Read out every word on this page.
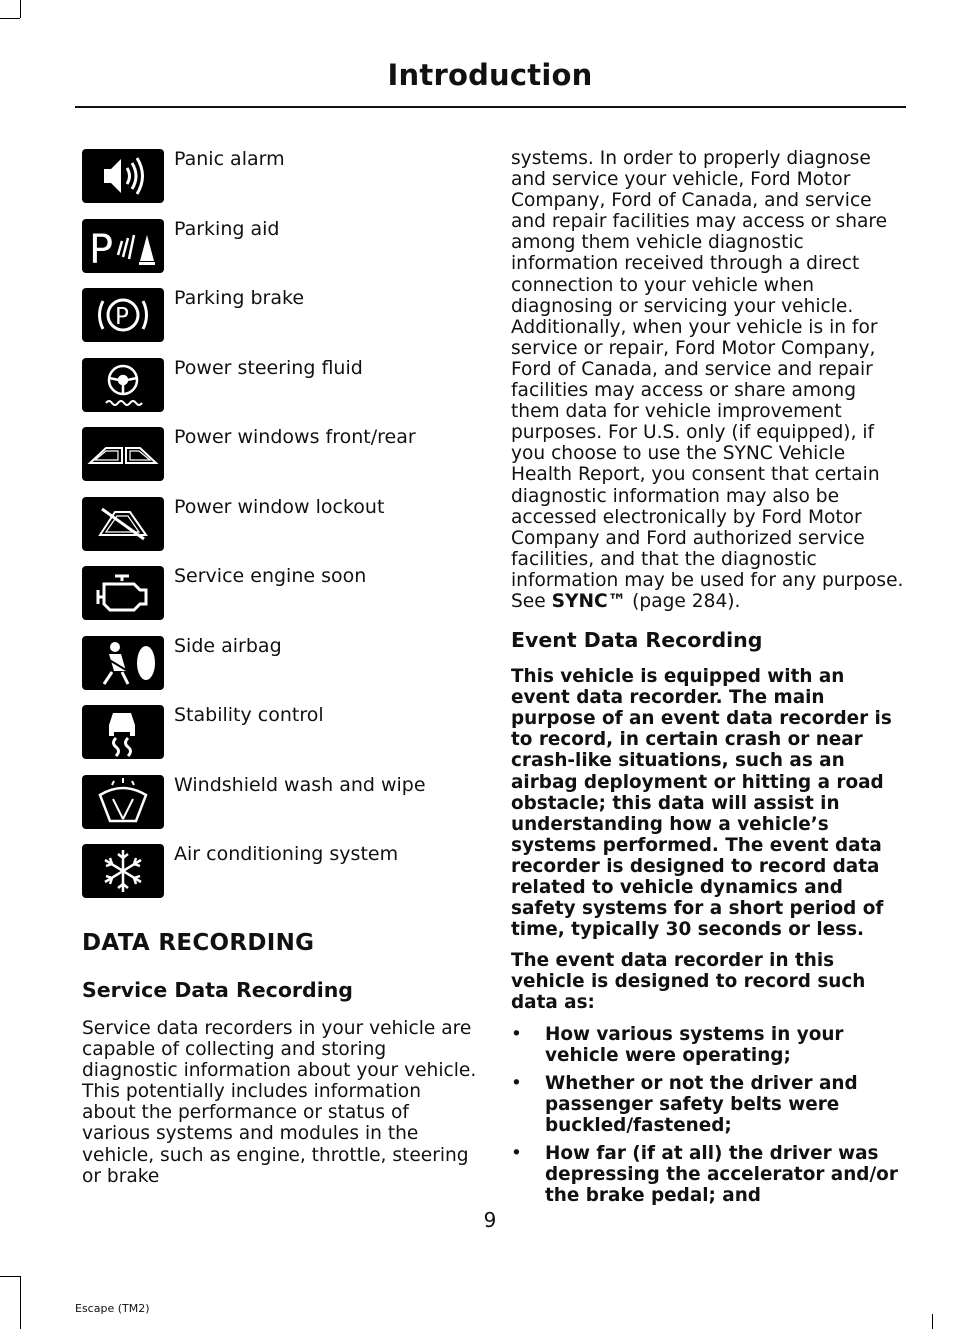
Introduction
Panic alarm
P	Parking aid
P
Parking brake
Power steering fluid
Power windows front/rear
Power window lockout
Service engine soon
Side airbag
Stability control
Windshield wash and wipe
Air conditioning system
DATA RECORDING
Service Data Recording

Service data recorders in your vehicle are capable of collecting and storing diagnostic information about your vehicle. This potentially includes information about the performance or status of various systems and modules in the vehicle, such as engine, throttle, steering or brake

systems. In order to properly diagnose and service your vehicle, Ford Motor Company, Ford of Canada, and service and repair facilities may access or share among them vehicle diagnostic information received through a direct connection to your vehicle when diagnosing or servicing your vehicle. Additionally, when your vehicle is in for service or repair, Ford Motor Company, Ford of Canada, and service and repair facilities may access or share among them data for vehicle improvement purposes. For U.S. only (if equipped), if you choose to use the SYNC Vehicle Health Report, you consent that certain diagnostic information may also be accessed electronically by Ford Motor Company and Ford authorized service facilities, and that the diagnostic information may be used for any purpose. See SYNC™ (page 284).

Event Data Recording

This vehicle is equipped with an event data recorder. The main purpose of an event data recorder is to record, in certain crash or near crash-like situations, such as an airbag deployment or hitting a road obstacle; this data will assist in understanding how a vehicle’s systems performed. The event data recorder is designed to record data related to vehicle dynamics and safety systems for a short period of time, typically 30 seconds or less.

The event data recorder in this vehicle is designed to record such data as:

• How various systems in your vehicle were operating;
• Whether or not the driver and passenger safety belts were buckled/fastened;
• How far (if at all) the driver was depressing the accelerator and/or the brake pedal; and
9
Escape (TM2)
